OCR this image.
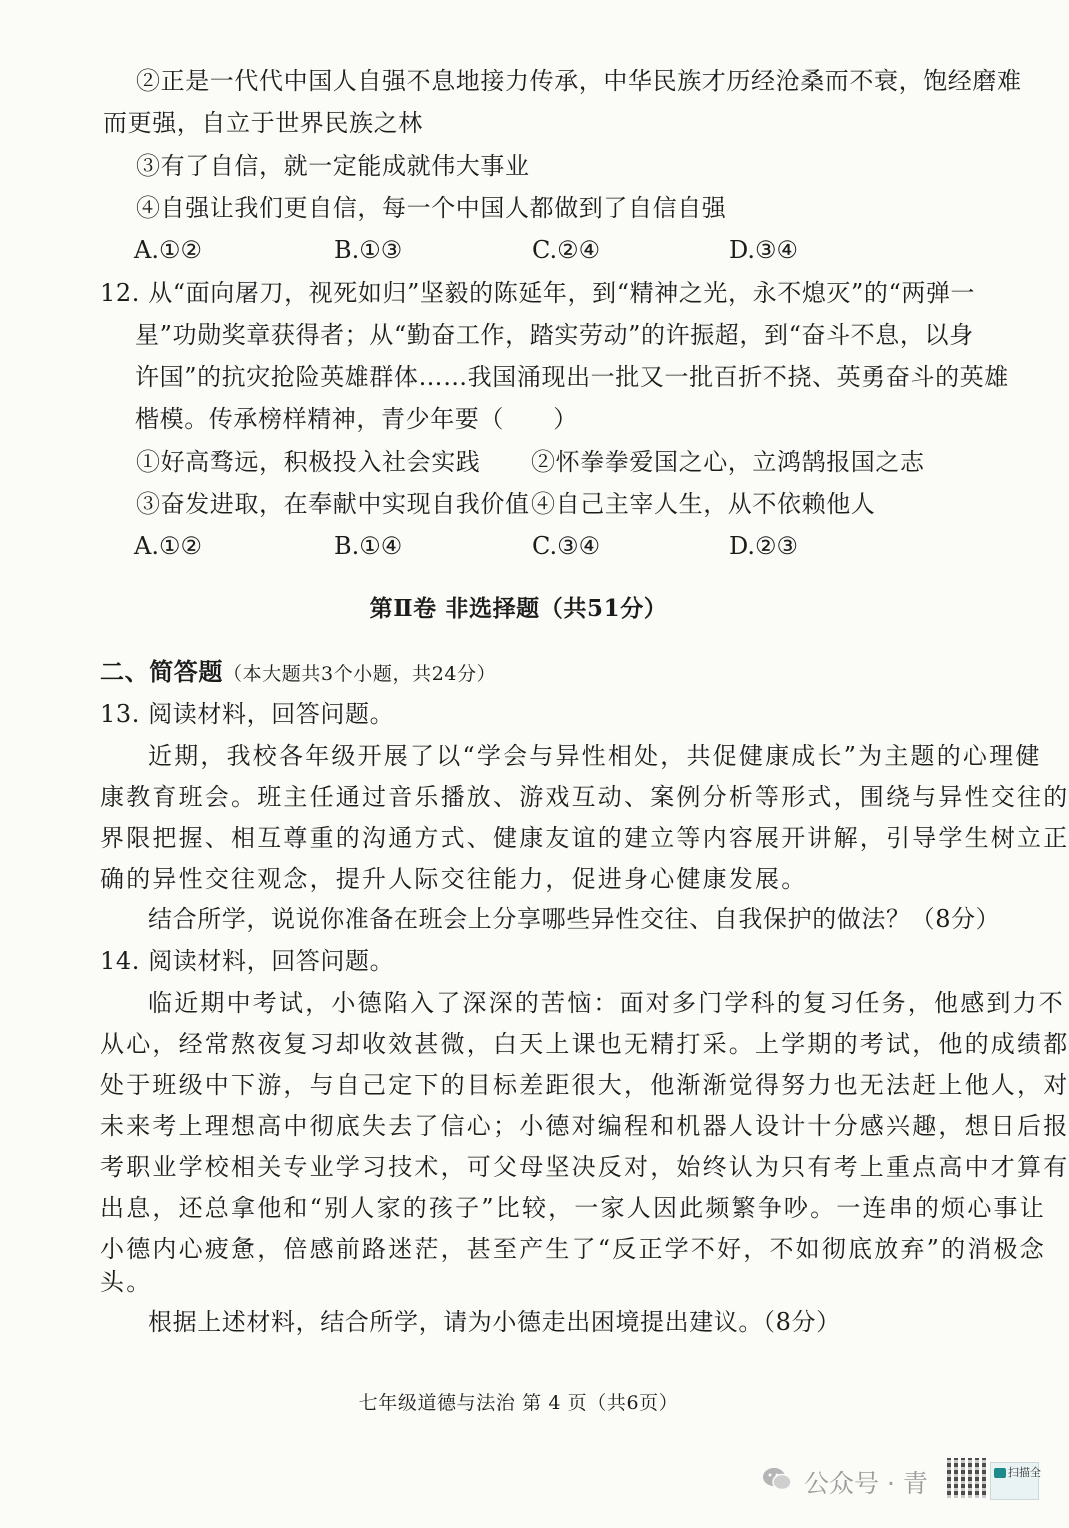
②正是一代代中国人自强不息地接力传承，中华民族才历经沧桑而不衰，饱经磨难
而更强，自立于世界民族之林
③有了自信，就一定能成就伟大事业
④自强让我们更自信，每一个中国人都做到了自信自强
A.①②	B.①③	C.②④	D.③④
12. 从“面向屠刀，视死如归”坚毅的陈延年，到“精神之光，永不熄灭”的“两弹一
星”功勋奖章获得者；从“勤奋工作，踏实劳动”的许振超，到“奋斗不息，以身
许国”的抗灾抢险英雄群体……我国涌现出一批又一批百折不挠、英勇奋斗的英雄
楷模。传承榜样精神，青少年要（　　）
①好高骛远，积极投入社会实践 ②怀拳拳爱国之心，立鸿鹄报国之志
③奋发进取，在奉献中实现自我价值 ④自己主宰人生，从不依赖他人
A.①②	B.①④	C.③④	D.②③
第Ⅱ卷 非选择题（共51分）
二、简答题（本大题共3个小题，共24分）
13. 阅读材料，回答问题。
近期，我校各年级开展了以“学会与异性相处，共促健康成长”为主题的心理健
康教育班会。班主任通过音乐播放、游戏互动、案例分析等形式，围绕与异性交往的
界限把握、相互尊重的沟通方式、健康友谊的建立等内容展开讲解，引导学生树立正
确的异性交往观念，提升人际交往能力，促进身心健康发展。
结合所学，说说你准备在班会上分享哪些异性交往、自我保护的做法？（8分）
14. 阅读材料，回答问题。
临近期中考试，小德陷入了深深的苦恼：面对多门学科的复习任务，他感到力不
从心，经常熬夜复习却收效甚微，白天上课也无精打采。上学期的考试，他的成绩都
处于班级中下游，与自己定下的目标差距很大，他渐渐觉得努力也无法赶上他人，对
未来考上理想高中彻底失去了信心；小德对编程和机器人设计十分感兴趣，想日后报
考职业学校相关专业学习技术，可父母坚决反对，始终认为只有考上重点高中才算有
出息，还总拿他和“别人家的孩子”比较，一家人因此频繁争吵。一连串的烦心事让
小德内心疲惫，倍感前路迷茫，甚至产生了“反正学不好，不如彻底放弃”的消极念
头。
根据上述材料，结合所学，请为小德走出困境提出建议。（8分）
七年级道德与法治 第 4 页（共6页）
公众号 · 青	扫描全
